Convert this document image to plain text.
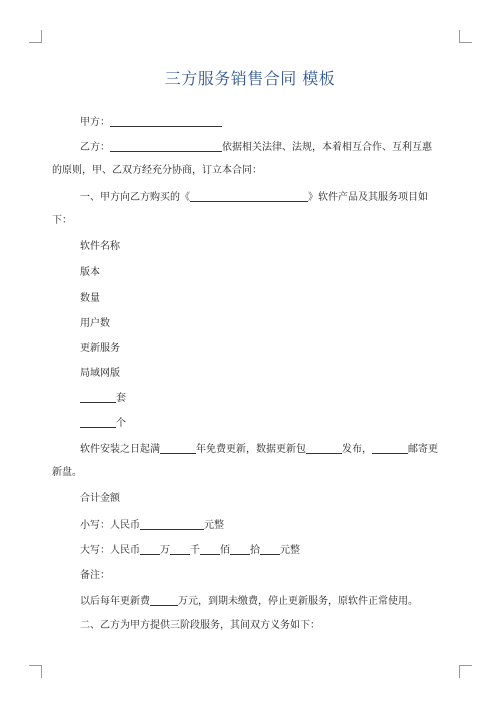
三方服务销售合同 模板
甲方：
乙方：	依据相关法律、法规，本着相互合作、互利互惠
的原则，甲、乙双方经充分协商，订立本合同：
一、甲方向乙方购买的《	》软件产品及其服务项目如
下：
软件名称
版本
数量
用户数
更新服务
局域网版
套
个
软件安装之日起满	年免费更新，数据更新包	发布，	邮寄更
新盘。
合计金额
小写：人民币	元整
大写：人民币 万 千 佰 拾 元整
备注：
以后每年更新费	万元，到期未缴费，停止更新服务，原软件正常使用。
二、乙方为甲方提供三阶段服务，其间双方义务如下：
